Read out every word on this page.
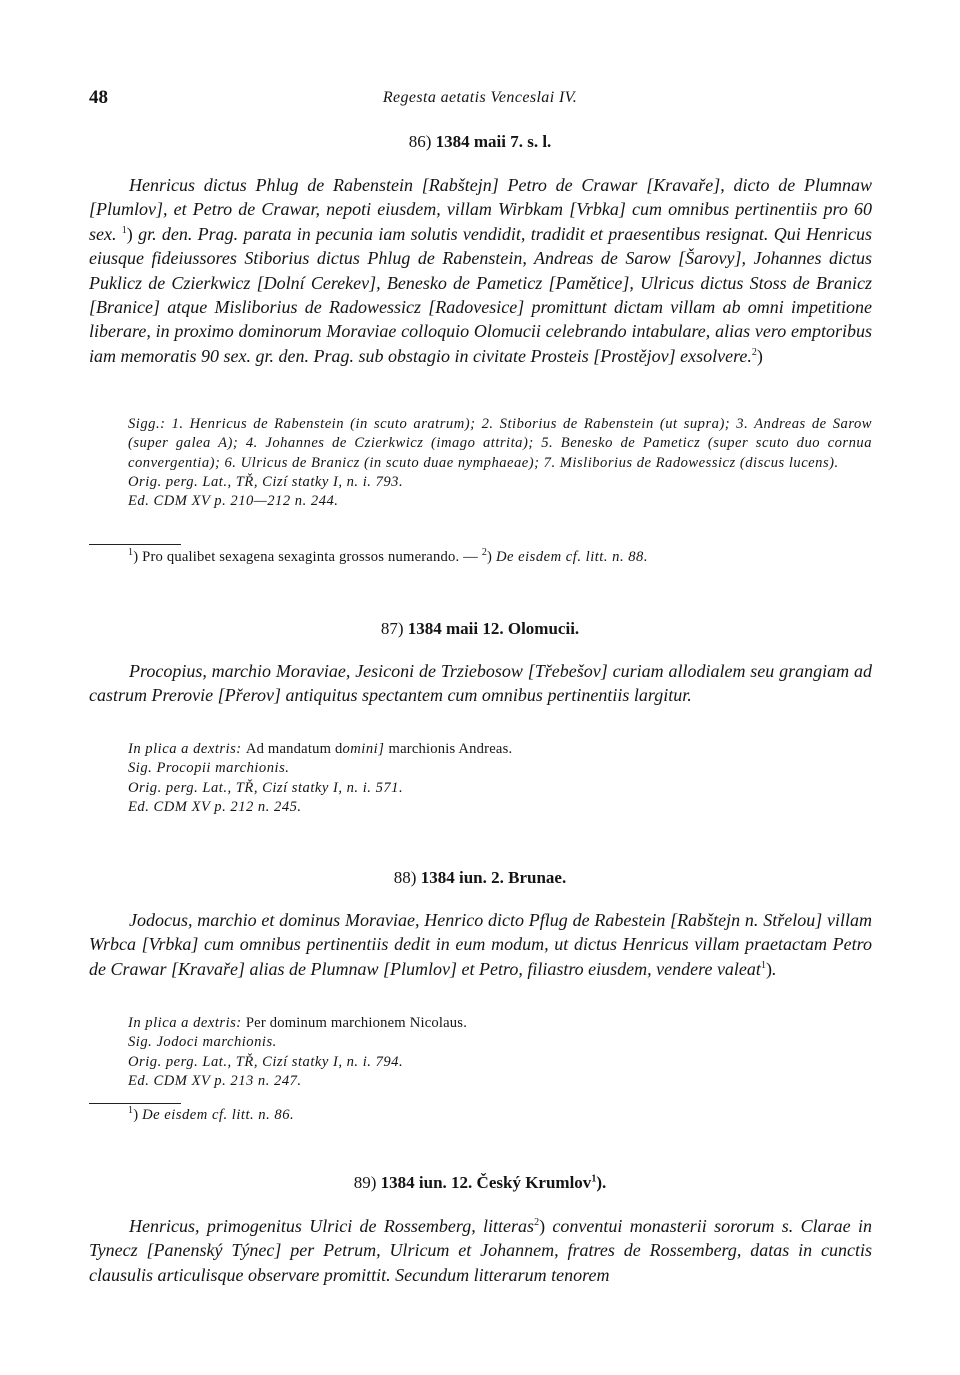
48	Regesta aetatis Venceslai IV.
86) 1384 maii 7. s. l.

Henricus dictus Phlug de Rabenstein [Rabštejn] Petro de Crawar [Kravaře], dicto de Plumnaw [Plumlov], et Petro de Crawar, nepoti eiusdem, villam Wirbkam [Vrbka] cum omnibus pertinentiis pro 60 sex. $^1$) gr. den. Prag. parata in pecunia iam solutis vendidit, tradidit et praesentibus resignat. Qui Henricus eiusque fideiussores Stiborius dictus Phlug de Rabenstein, Andreas de Sarow [Šarovy], Johannes dictus Puklicz de Czierkwicz [Dolní Cerekev], Benesko de Pameticz [Pamětice], Ulricus dictus Stoss de Branicz [Branice] atque Misliborius de Radowessicz [Radovesice] promittunt dictam villam ab omni impetitione liberare, in proximo dominorum Moraviae colloquio Olomucii celebrando intabulare, alias vero emptoribus iam memoratis 90 sex. gr. den. Prag. sub obstagio in civitate Prosteis [Prostějov] exsolvere.$^2$)

Sigg.: 1. Henricus de Rabenstein (in scuto aratrum); 2. Stiborius de Rabenstein (ut supra); 3. Andreas de Sarow (super galea A); 4. Johannes de Czierkwicz (imago attrita); 5. Benesko de Pameticz (super scuto duo cornua convergentia); 6. Ulricus de Branicz (in scuto duae nymphaeae); 7. Misliborius de Radowessicz (discus lucens).
Orig. perg. Lat., TŘ, Cizí statky I, n. i. 793.
Ed. CDM XV p. 210—212 n. 244.
$^1$) Pro qualibet sexagena sexaginta grossos numerando. — $^2$) De eisdem cf. litt. n. 88.
87) 1384 maii 12. Olomucii.

Procopius, marchio Moraviae, Jesiconi de Trziebosow [Třebešov] curiam allodialem seu grangiam ad castrum Prerovie [Přerov] antiquitus spectantem cum omnibus pertinentiis largitur.

In plica a dextris: Ad mandatum domini] marchionis Andreas.
Sig. Procopii marchionis.
Orig. perg. Lat., TŘ, Cizí statky I, n. i. 571.
Ed. CDM XV p. 212 n. 245.
88) 1384 iun. 2. Brunae.

Jodocus, marchio et dominus Moraviae, Henrico dicto Pflug de Rabestein [Rabštejn n. Střelou] villam Wrbca [Vrbka] cum omnibus pertinentiis dedit in eum modum, ut dictus Henricus villam praetactam Petro de Crawar [Kravaře] alias de Plumnaw [Plumlov] et Petro, filiastro eiusdem, vendere valeat$^1$).

In plica a dextris: Per dominum marchionem Nicolaus.
Sig. Jodoci marchionis.
Orig. perg. Lat., TŘ, Cizí statky I, n. i. 794.
Ed. CDM XV p. 213 n. 247.
$^1$) De eisdem cf. litt. n. 86.
89) 1384 iun. 12. Český Krumlov$^1$).

Henricus, primogenitus Ulrici de Rossemberg, litteras$^2$) conventui monasterii sororum s. Clarae in Tynecz [Panenský Týnec] per Petrum, Ulricum et Johannem, fratres de Rossemberg, datas in cunctis clausulis articulisque observare promittit. Secundum litterarum tenorem
